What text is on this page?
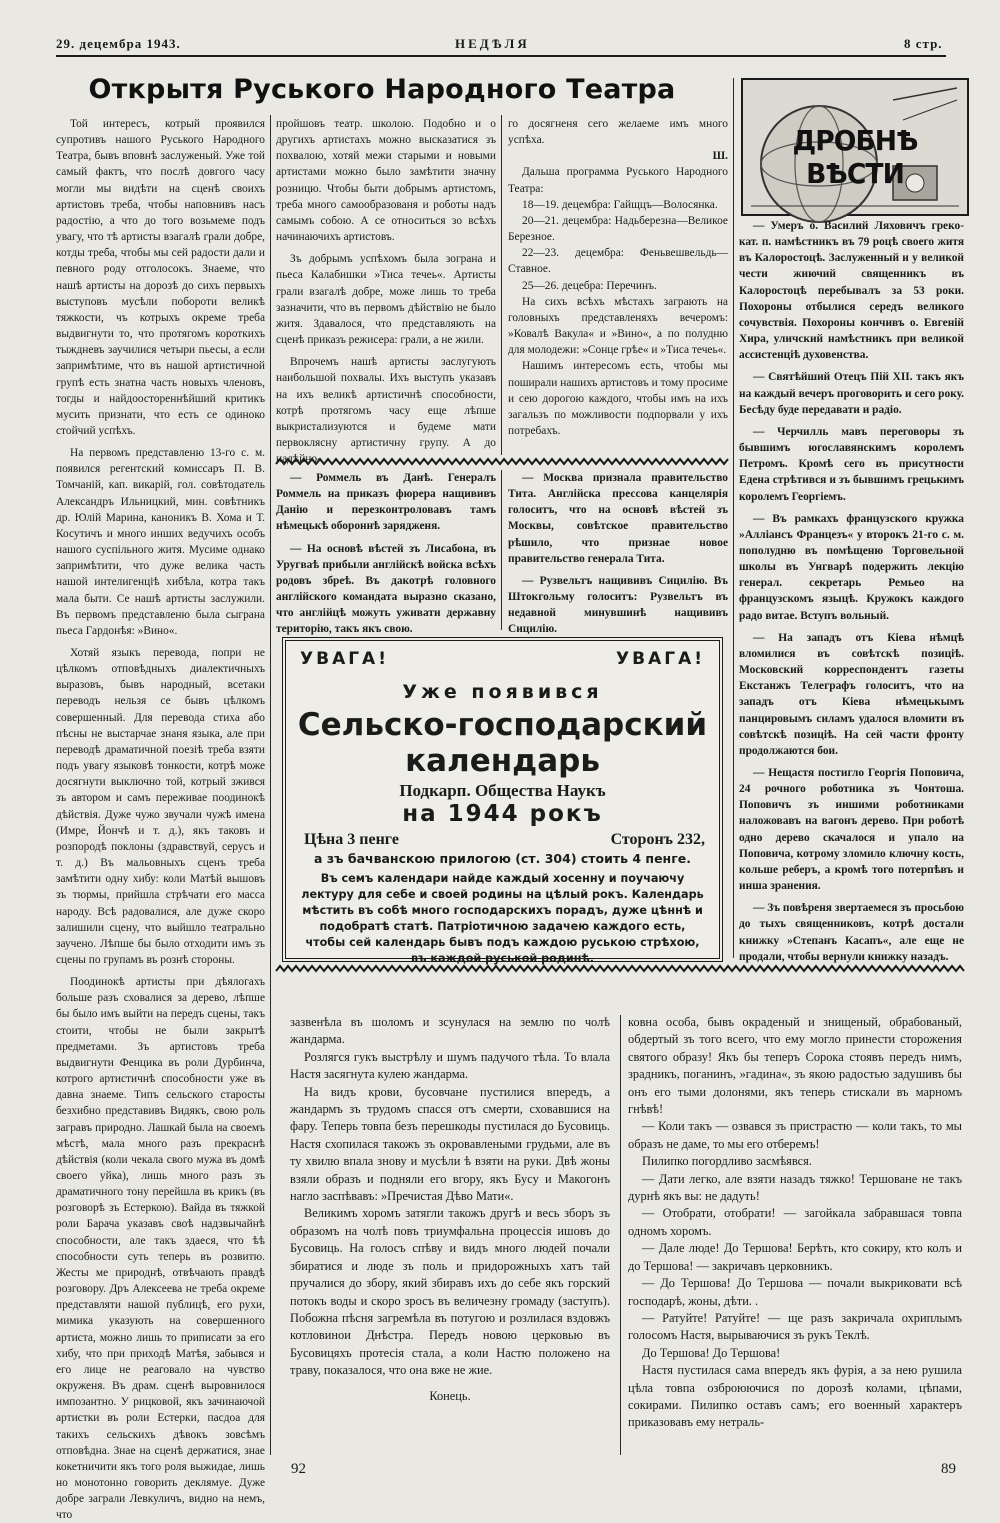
29. децембра 1943.	НЕДѢЛЯ	8 стр.
Открытя Руського Народного Театра
ДРОБНѢ ВѢСТИ

Той интересъ, котрый проявился супротивъ нашого Руського Народного Театра, бывъ вповнѣ заслуженый. Уже той самый фактъ, что послѣ довгого часу могли мы видѣти на сценѣ своихъ артистовъ треба, чтобы наповнивъ насъ радостію, а что до того возьмеме подъ увагу, что тѣ артисты взагалѣ грали добре, котды треба, чтобы мы сей радости дали и певного роду отголосокъ. Знаеме, что нашѣ артисты на дорозѣ до сихъ первыхъ выступовъ мусѣли побороти великѣ тяжкости, чъ котрыхъ окреме треба выдвигнути то, что протягомъ короткихъ тыждневъ заучилися четыри пьесы, а если запримѣтиме, что въ нашой артистичной групѣ есть знатна часть новыхъ членовъ, тогды и найдоостореннѣйший критикъ мусить признати, что есть се одиноко стойчий успѣхъ.

На первомъ представленю 13-го с. м. появился регентский комиссаръ П. В. Томчаній, кап. викарій, гол. совѣтодатель Александръ Ильницкий, мин. совѣтникъ др. Юлій Марина, каноникъ В. Хома и Т. Косутичъ и много инших ведучихъ особъ нашого суспільного житя. Мусиме однако запримѣтити, что дуже велика часть нашой интелигенціѣ хибѣла, котра такъ мала быти. Се нашѣ артисты заслужили. Въ первомъ представленю была сыграна пьеса Гардонѣя: »Вино«.

Хотяй языкъ перевода, попри не цѣлкомъ отповѣдныхъ диалектичныхъ выразовъ, бывъ народный, всетаки переводъ нельзя се бывъ цѣлкомъ совершенный. Для перевода стиха або пѣсны не выстарчае знаня языка, але при переводѣ драматичной поезіѣ треба взяти подъ увагу языковѣ тонкости, котрѣ може досягнути выключно той, котрый зжився зъ автором и самъ переживае поодинокѣ дѣйствія. Дуже чужо звучали чужѣ имена (Имре, Йончѣ и т. д.), якъ таковъ и розпородѣ поклоны (здравствуй, серусъ и т. д.) Въ мальовныхъ сценъ треба замѣтити одну хибу: коли Матѣй вышовъ зъ тюрмы, прийшла стрѣчати его масса народу. Всѣ радовалися, але дуже скоро залишили сцену, что выйшло театрально заучено. Лѣпше бы было отходити имъ зъ сцены по групамъ въ рознѣ стороны.

Поодинокѣ артисты при дѣялогахъ больше разъ сховалися за дерево, лѣпше бы было имъ выйти на передъ сцены, такъ стоити, чтобы не были закрытѣ предметами. Зъ артистовъ треба выдвигнути Фенцика въ роли Дурбинча, котрого артистичнѣ способности уже въ давна знаеме. Типъ сельского старосты безхибно представивъ Видякъ, свою роль загравъ природно. Лашкай была на своемъ мѣстѣ, мала много разъ прекраснѣ дѣйствія (коли чекала свого мужа въ домѣ своего уйка), лишь много разъ зъ драматичного тону перейшла въ крикъ (въ розговорѣ зъ Естеркою). Вайда въ тяжкой роли Барача указавъ своѣ надзвычайнѣ способности, але такъ здаеся, что ѣѣ способности суть теперь въ розвитю. Жесты ме природнѣ, отвѣчають правдѣ розговору. Дръ Алексеева не треба окреме представляти нашой публицѣ, его рухи, мимика указують на совершенного артиста, можно лишь то приписати за его хибу, что при приходѣ Матѣя, забывся и его лице не реаговало на чувство окруженя. Въ драм. сценѣ выровнилося импозантно. У рицковой, якъ зачинаючой артистки въ роли Естерки, пасдоа для такихъ сельскихъ дѣвокъ зовсѣмъ отповѣдна. Знае на сценѣ держатися, знае кокетничити якъ того роля выжидае, лишь но монотонно говорить деклямуе. Дуже добре заграли Левкуличъ, видно на немъ, что

пройшовъ театр. школою. Подобно и о другихъ артистахъ можно высказатися зъ похвалою, хотяй межи старыми и новыми артистами можно было замѣтити значну розницю. Чтобы быти добрымъ артистомъ, треба много самообразованя и роботы надъ самымъ собою. А се относиться зо всѣхъ начинаючихъ артистовъ.

Зъ добрымъ успѣхомъ была зограна и пьеса Калабишки »Тиса течеь«. Артисты грали взагалѣ добре, може лишь то треба зазначити, что въ первомъ дѣйствію не было житя. Здавалося, что представляють на сценѣ приказъ режисера: грали, а не жили.

Впрочемъ нашѣ артисты заслугують наибольшой похвалы. Ихъ выступъ указавъ на ихъ великѣ артистичнѣ способности, котрѣ протягомъ часу еще лѣпше выкристализуются и будеме мати первоклясну артистичну групу. А до надѣйно-

го досягненя сего желаеме имъ много успѣха.

Ш.

Дальша программа Руського Народного Театра:

18—19. децембра: Гайщцъ—Волосянка.

20—21. децембра: Надьберезна—Великое Березное.

22—23. децембра: Феньвешвельдь—Ставное.

25—26. децебра: Перечинъ.

На сихъ всѣхъ мѣстахъ заграють на головныхъ представленяхъ вечеромъ: »Ковалѣ Вакула« и »Вино«, а по полудню для молодежи: »Сонце грѣе« и »Тиса течеь«.

Нашимъ интересомъ есть, чтобы мы поширали нашихъ артистовъ и тому просиме и сею дорогою каждого, чтобы имъ на ихъ загальзъ по можливости подпорвали у ихъ потребахъ.

— Роммель въ Данѣ. Генералъ Роммель на приказъ фюрера нащививъ Данію и перезконтроловавъ тамъ нѣмецькѣ обороннѣ зарядженя.

— На основѣ вѣстей зъ Лисабона, въ Уругваѣ прибыли англійскѣ войска всѣхъ родовъ збреѣ. Въ дакотрѣ головного англійского командата выразно сказано, что англійцѣ можуть уживати державну територію, такъ якъ свою.

— Москва признала правительство Тита. Англійска прессова канцелярія голоситъ, что на основѣ вѣстей зъ Москвы, совѣтское правительство рѣшило, что признае новое правительство генерала Тита.

— Рузвельтъ нащививъ Сицилію. Въ Штокгольму голоситъ: Рузвельтъ въ недавной минувшинѣ нащививъ Сицилію.

УВАГА!	УВАГА!
Уже появився
Сельско-господарский
календарь
Подкарп. Общества Наукъ
на 1944 рокъ
Цѣна 3 пенге	Сторонъ 232,
а зъ бачванскою прилогою (ст. 304) стоить 4 пенге.
Въ семъ календари найде каждый хосенну и поучаючу лектуру для себе и своей родины на цѣлый рокъ. Календарь мѣстить въ собѣ много господарскихъ порадъ, дуже цѣннѣ и подобратѣ статѣ. Патріотичною задачею каждого есть, чтобы сей календарь бывъ подъ каждою руською стрѣхою, въ каждой руськой родинѣ.

— Умеръ о. Василий Ляховичъ греко-кат. п. намѣстникъ въ 79 роцѣ своего житя въ Калоростоцѣ. Заслуженный и у великой чести жиючий священникъ въ Калоростоцѣ перебывалъ за 53 роки. Похороны отбылися середъ великого сочувствія. Похороны кончивъ о. Евгеній Хира, уличский намѣстникъ при великой ассистенціѣ духовенства.

— Святѣйший Отецъ Пій XII. такъ якъ на каждый вечеръ проговорить и сего року. Бесѣду буде передавати и радіо.

— Черчилль мавъ переговоры зъ бывшимъ югославянскимъ королемъ Петромъ. Кромѣ сего въ присутности Едена стрѣтився и зъ бывшимъ грецькимъ королемъ Георгіемъ.

— Въ рамкахъ французского кружка »Аллiансъ Францезъ« у второкъ 21-го с. м. пополудню въ помѣщеню Торговельной школы въ Унгварѣ подержить лекцію генерал. секретарь Ремьео на французскомъ языцѣ. Кружокъ каждого радо витае. Вступъ вольный.

— На западъ отъ Кіева нѣмцѣ вломилися въ совѣтскѣ позиціѣ. Московский корреспондентъ газеты Екстанжъ Телеграфъ голоситъ, что на западъ отъ Кіева нѣмецькымъ панцировымъ силамъ удалося вломити въ совѣтскѣ позиціѣ. На сей части фронту продолжаются бои.

— Нещастя постигло Георгія Поповича, 24 рочного роботника зъ Чонтоша. Поповичъ зъ иншими роботниками наложовавъ на вагонъ дерево. При роботѣ одно дерево скачалося и упало на Поповича, котрому зломило ключну кость, кольше реберъ, а кромѣ того потерпѣвъ и инша зранения.

— Зъ повѣреня звертаемеся зъ просьбою до тыхъ священниковъ, котрѣ достали книжку »Степанъ Касапъ«, але еще не продали, чтобы вернули книжку назадъ.

зазвенѣла въ шоломъ и зсунулася на землю по чолѣ жандарма.

Розлягся гукъ выстрѣлу и шумъ падучого тѣла. То влала Настя засягнута кулею жандарма.

На видъ крови, бусовчане пустилися впередъ, а жандармъ зъ трудомъ спасся отъ смерти, сховавшися на фару. Теперь товпа безъ перешкоды пустилася до Бусовиць. Настя схопилася такожъ зъ окровавлеными грудьми, але въ ту хвилю впала знову и мусѣли ѣ взяти на руки. Двѣ жоны взяли образъ и подняли его вгору, якъ Бусу и Макогонъ нагло заспѣвавъ: »Пречистая Дѣво Мати«.

Великимъ хоромъ затягли такожъ другѣ и весь зборъ зъ образомъ на чолѣ повъ триумфальна процессія ишовъ до Бусовиць. На голосъ спѣву и видъ много людей почали збиратися и люде зъ поль и придорожныхъ хатъ тай пручалися до збору, який збиравъ ихъ до себе якъ горский потокъ воды и скоро зросъ въ величезну громаду (заступъ). Побожна пѣсня загремѣла въ потугою и розлилася вздовжъ котловинои Днѣстра. Передъ новою церковью въ Бусовицяхъ протесія стала, а коли Настю положено на траву, показалося, что она вже не жие.

Конець.

ковна особа, бывъ окраденый и знищеный, обрабованый, обдертый зъ того всего, что ему могло принести сторожения святого образу! Якъ бы теперъ Сорока стоявъ передъ нимъ, зрадникъ, поганинъ, »гадина«, зъ якою радостью задушивъ бы онъ его тыми долонями, якъ теперь стискали въ марномъ гнѣвѣ!

— Коли такъ — озвався зъ пристрастю — коли такъ, то мы образъ не даме, то мы его отберемъ!

Пилипко погордливо засмѣявся.

— Дати легко, але взяти назадъ тяжко! Тершоване не такъ дурнѣ якъ вы: не дадуть!

— Отобрати, отобрати! — загойкала забравшася товпа одномъ хоромъ.

— Дале люде! До Тершова! Берѣть, кто сокиру, кто колъ и до Тершова! — закричавъ церковникъ.

— До Тершова! До Тершова — почали выкриковати всѣ господарѣ, жоны, дѣти. .

— Ратуйте! Ратуйте! — ще разъ закричала охриплымъ голосомъ Настя, вырываючися зъ рукъ Теклѣ.

До Тершова! До Тершова!

Настя пустилася сама впередъ якъ фурія, а за нею рушила цѣла товпа озброюючися по дорозѣ колами, цѣпами, сокирами. Пилипко оставъ самъ; его военный характеръ приказовавъ ему нетраль-

92	89
